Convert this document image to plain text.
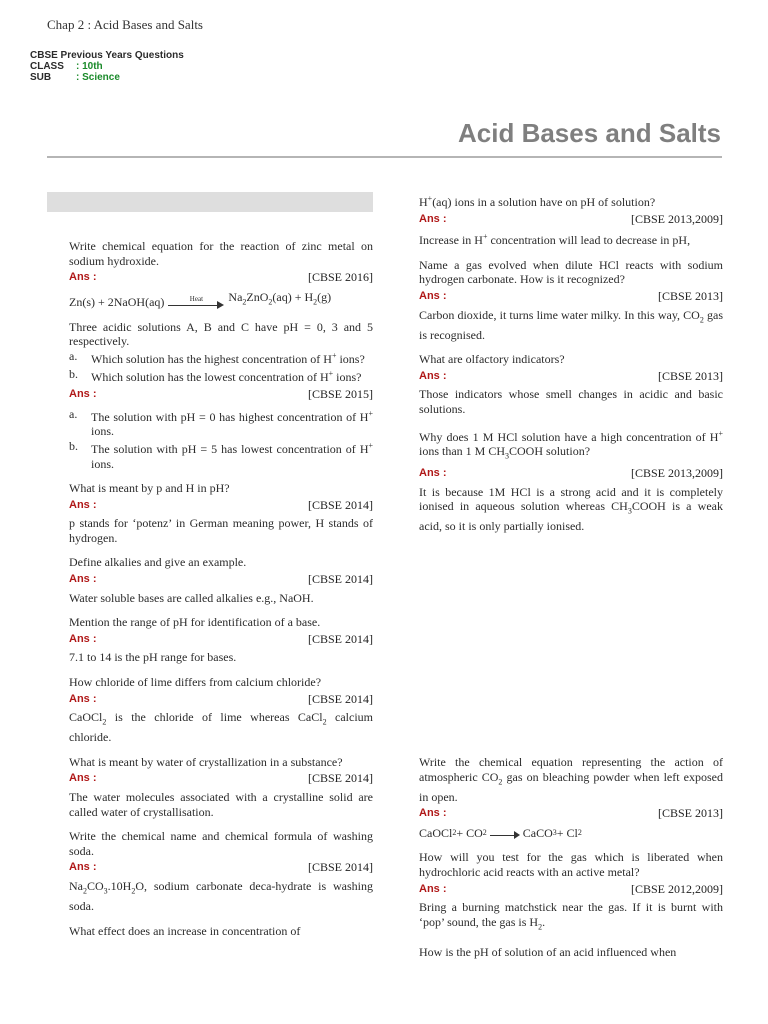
Chap 2 : Acid Bases and Salts
CBSE Previous Years Questions
CLASS : 10th
SUB : Science
Acid Bases and Salts

Write chemical equation for the reaction of zinc metal on sodium hydroxide.

Ans :	[CBSE 2016]
Zn(s) + 2NaOH(aq)	Heat	$Na_2ZnO_2(aq) + H_2(g)$

Three acidic solutions A, B and C have pH = 0, 3 and 5 respectively.

a.	Which solution has the highest concentration of H+ ions?
b.	Which solution has the lowest concentration of H+ ions?
Ans :	[CBSE 2015]
a.	The solution with pH = 0 has highest concentration of H+ ions.
b.	The solution with pH = 5 has lowest concentration of H+ ions.

What is meant by p and H in pH?

Ans :	[CBSE 2014]

p stands for ‘potenz’ in German meaning power, H stands of hydrogen.

Define alkalies and give an example.

Ans :	[CBSE 2014]

Water soluble bases are called alkalies e.g., NaOH.

Mention the range of pH for identification of a base.

Ans :	[CBSE 2014]

7.1 to 14 is the pH range for bases.

How chloride of lime differs from calcium chloride?

Ans :	[CBSE 2014]

CaOCl$_2$ is the chloride of lime whereas CaCl$_2$ calcium chloride.

What is meant by water of crystallization in a substance?

Ans :	[CBSE 2014]

The water molecules associated with a crystalline solid are called water of crystallisation.

Write the chemical name and chemical formula of washing soda.

Ans :	[CBSE 2014]

$Na_2CO_3.10H_2O$, sodium carbonate deca-hydrate is washing soda.

What effect does an increase in concentration of

H+(aq) ions in a solution have on pH of solution?

Ans :	[CBSE 2013,2009]

Increase in H+ concentration will lead to decrease in pH,

Name a gas evolved when dilute HCl reacts with sodium hydrogen carbonate. How is it recognized?

Ans :	[CBSE 2013]

Carbon dioxide, it turns lime water milky. In this way, $CO_2$ gas is recognised.

What are olfactory indicators?

Ans :	[CBSE 2013]

Those indicators whose smell changes in acidic and basic solutions.

Why does 1 M HCl solution have a high concentration of H+ ions than 1 M $CH_3COOH$ solution?

Ans :	[CBSE 2013,2009]

It is because 1M HCl is a strong acid and it is completely ionised in aqueous solution whereas $CH_3COOH$ is a weak acid, so it is only partially ionised.

Write the chemical equation representing the action of atmospheric $CO_2$ gas on bleaching powder when left exposed in open.

Ans :	[CBSE 2013]
CaOCl 2 + CO 2	CaCO 3 + Cl 2

How will you test for the gas which is liberated when hydrochloric acid reacts with an active metal?

Ans :	[CBSE 2012,2009]

Bring a burning matchstick near the gas. If it is burnt with ‘pop’ sound, the gas is $H_2$.

How is the pH of solution of an acid influenced when
